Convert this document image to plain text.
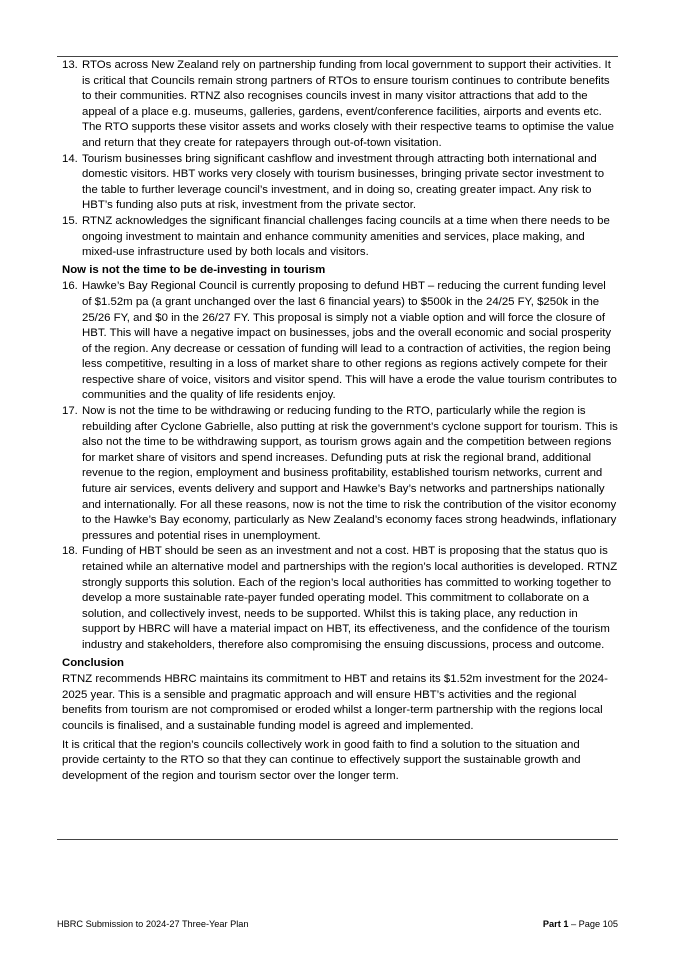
13. RTOs across New Zealand rely on partnership funding from local government to support their activities. It is critical that Councils remain strong partners of RTOs to ensure tourism continues to contribute benefits to their communities. RTNZ also recognises councils invest in many visitor attractions that add to the appeal of a place e.g. museums, galleries, gardens, event/conference facilities, airports and events etc. The RTO supports these visitor assets and works closely with their respective teams to optimise the value and return that they create for ratepayers through out-of-town visitation.
14. Tourism businesses bring significant cashflow and investment through attracting both international and domestic visitors. HBT works very closely with tourism businesses, bringing private sector investment to the table to further leverage council’s investment, and in doing so, creating greater impact. Any risk to HBT’s funding also puts at risk, investment from the private sector.
15. RTNZ acknowledges the significant financial challenges facing councils at a time when there needs to be ongoing investment to maintain and enhance community amenities and services, place making, and mixed-use infrastructure used by both locals and visitors.
Now is not the time to be de-investing in tourism
16. Hawke’s Bay Regional Council is currently proposing to defund HBT – reducing the current funding level of $1.52m pa (a grant unchanged over the last 6 financial years) to $500k in the 24/25 FY, $250k in the 25/26 FY, and $0 in the 26/27 FY. This proposal is simply not a viable option and will force the closure of HBT. This will have a negative impact on businesses, jobs and the overall economic and social prosperity of the region. Any decrease or cessation of funding will lead to a contraction of activities, the region being less competitive, resulting in a loss of market share to other regions as regions actively compete for their respective share of voice, visitors and visitor spend. This will have a erode the value tourism contributes to communities and the quality of life residents enjoy.
17. Now is not the time to be withdrawing or reducing funding to the RTO, particularly while the region is rebuilding after Cyclone Gabrielle, also putting at risk the government’s cyclone support for tourism. This is also not the time to be withdrawing support, as tourism grows again and the competition between regions for market share of visitors and spend increases. Defunding puts at risk the regional brand, additional revenue to the region, employment and business profitability, established tourism networks, current and future air services, events delivery and support and Hawke’s Bay’s networks and partnerships nationally and internationally. For all these reasons, now is not the time to risk the contribution of the visitor economy to the Hawke’s Bay economy, particularly as New Zealand’s economy faces strong headwinds, inflationary pressures and potential rises in unemployment.
18. Funding of HBT should be seen as an investment and not a cost. HBT is proposing that the status quo is retained while an alternative model and partnerships with the region’s local authorities is developed. RTNZ strongly supports this solution. Each of the region’s local authorities has committed to working together to develop a more sustainable rate-payer funded operating model. This commitment to collaborate on a solution, and collectively invest, needs to be supported. Whilst this is taking place, any reduction in support by HBRC will have a material impact on HBT, its effectiveness, and the confidence of the tourism industry and stakeholders, therefore also compromising the ensuing discussions, process and outcome.
Conclusion

RTNZ recommends HBRC maintains its commitment to HBT and retains its $1.52m investment for the 2024-2025 year. This is a sensible and pragmatic approach and will ensure HBT’s activities and the regional benefits from tourism are not compromised or eroded whilst a longer-term partnership with the regions local councils is finalised, and a sustainable funding model is agreed and implemented.

It is critical that the region’s councils collectively work in good faith to find a solution to the situation and provide certainty to the RTO so that they can continue to effectively support the sustainable growth and development of the region and tourism sector over the longer term.

HBRC Submission to 2024-27 Three-Year Plan	Part 1 – Page 105
